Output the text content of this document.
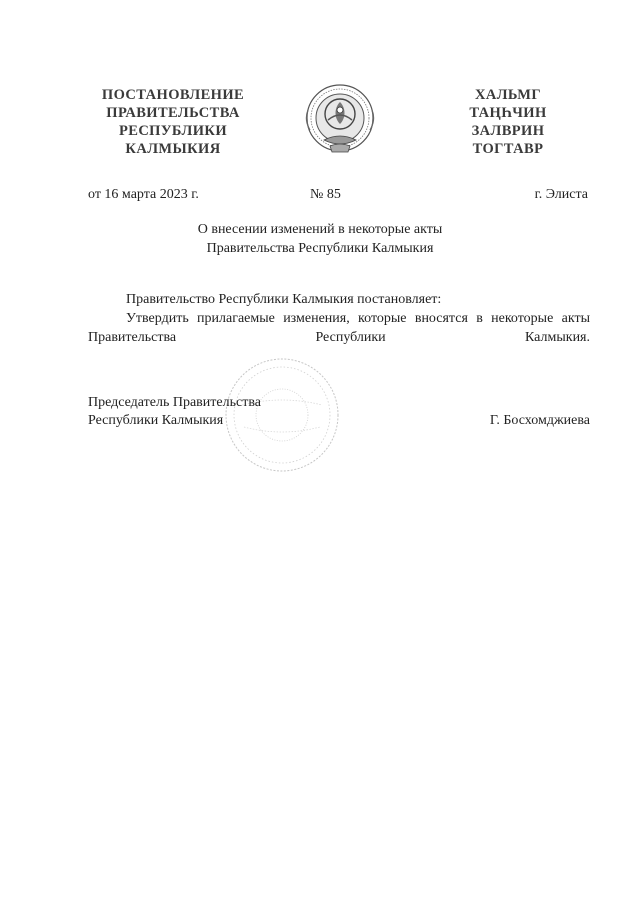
ПОСТАНОВЛЕНИЕ
ПРАВИТЕЛЬСТВА
РЕСПУБЛИКИ
КАЛМЫКИЯ
ХАЛЬМГ
ТАҢҺЧИН
ЗАЛВРИН
ТОГТАВР
от 16 марта 2023 г.	№ 85	г. Элиста
О внесении изменений в некоторые акты
Правительства Республики Калмыкия
Правительство Республики Калмыкия постановляет:
Утвердить прилагаемые изменения, которые вносятся в некоторые акты Правительства Республики Калмыкия.
Председатель Правительства
Республики Калмыкия	Г. Босхомджиева
